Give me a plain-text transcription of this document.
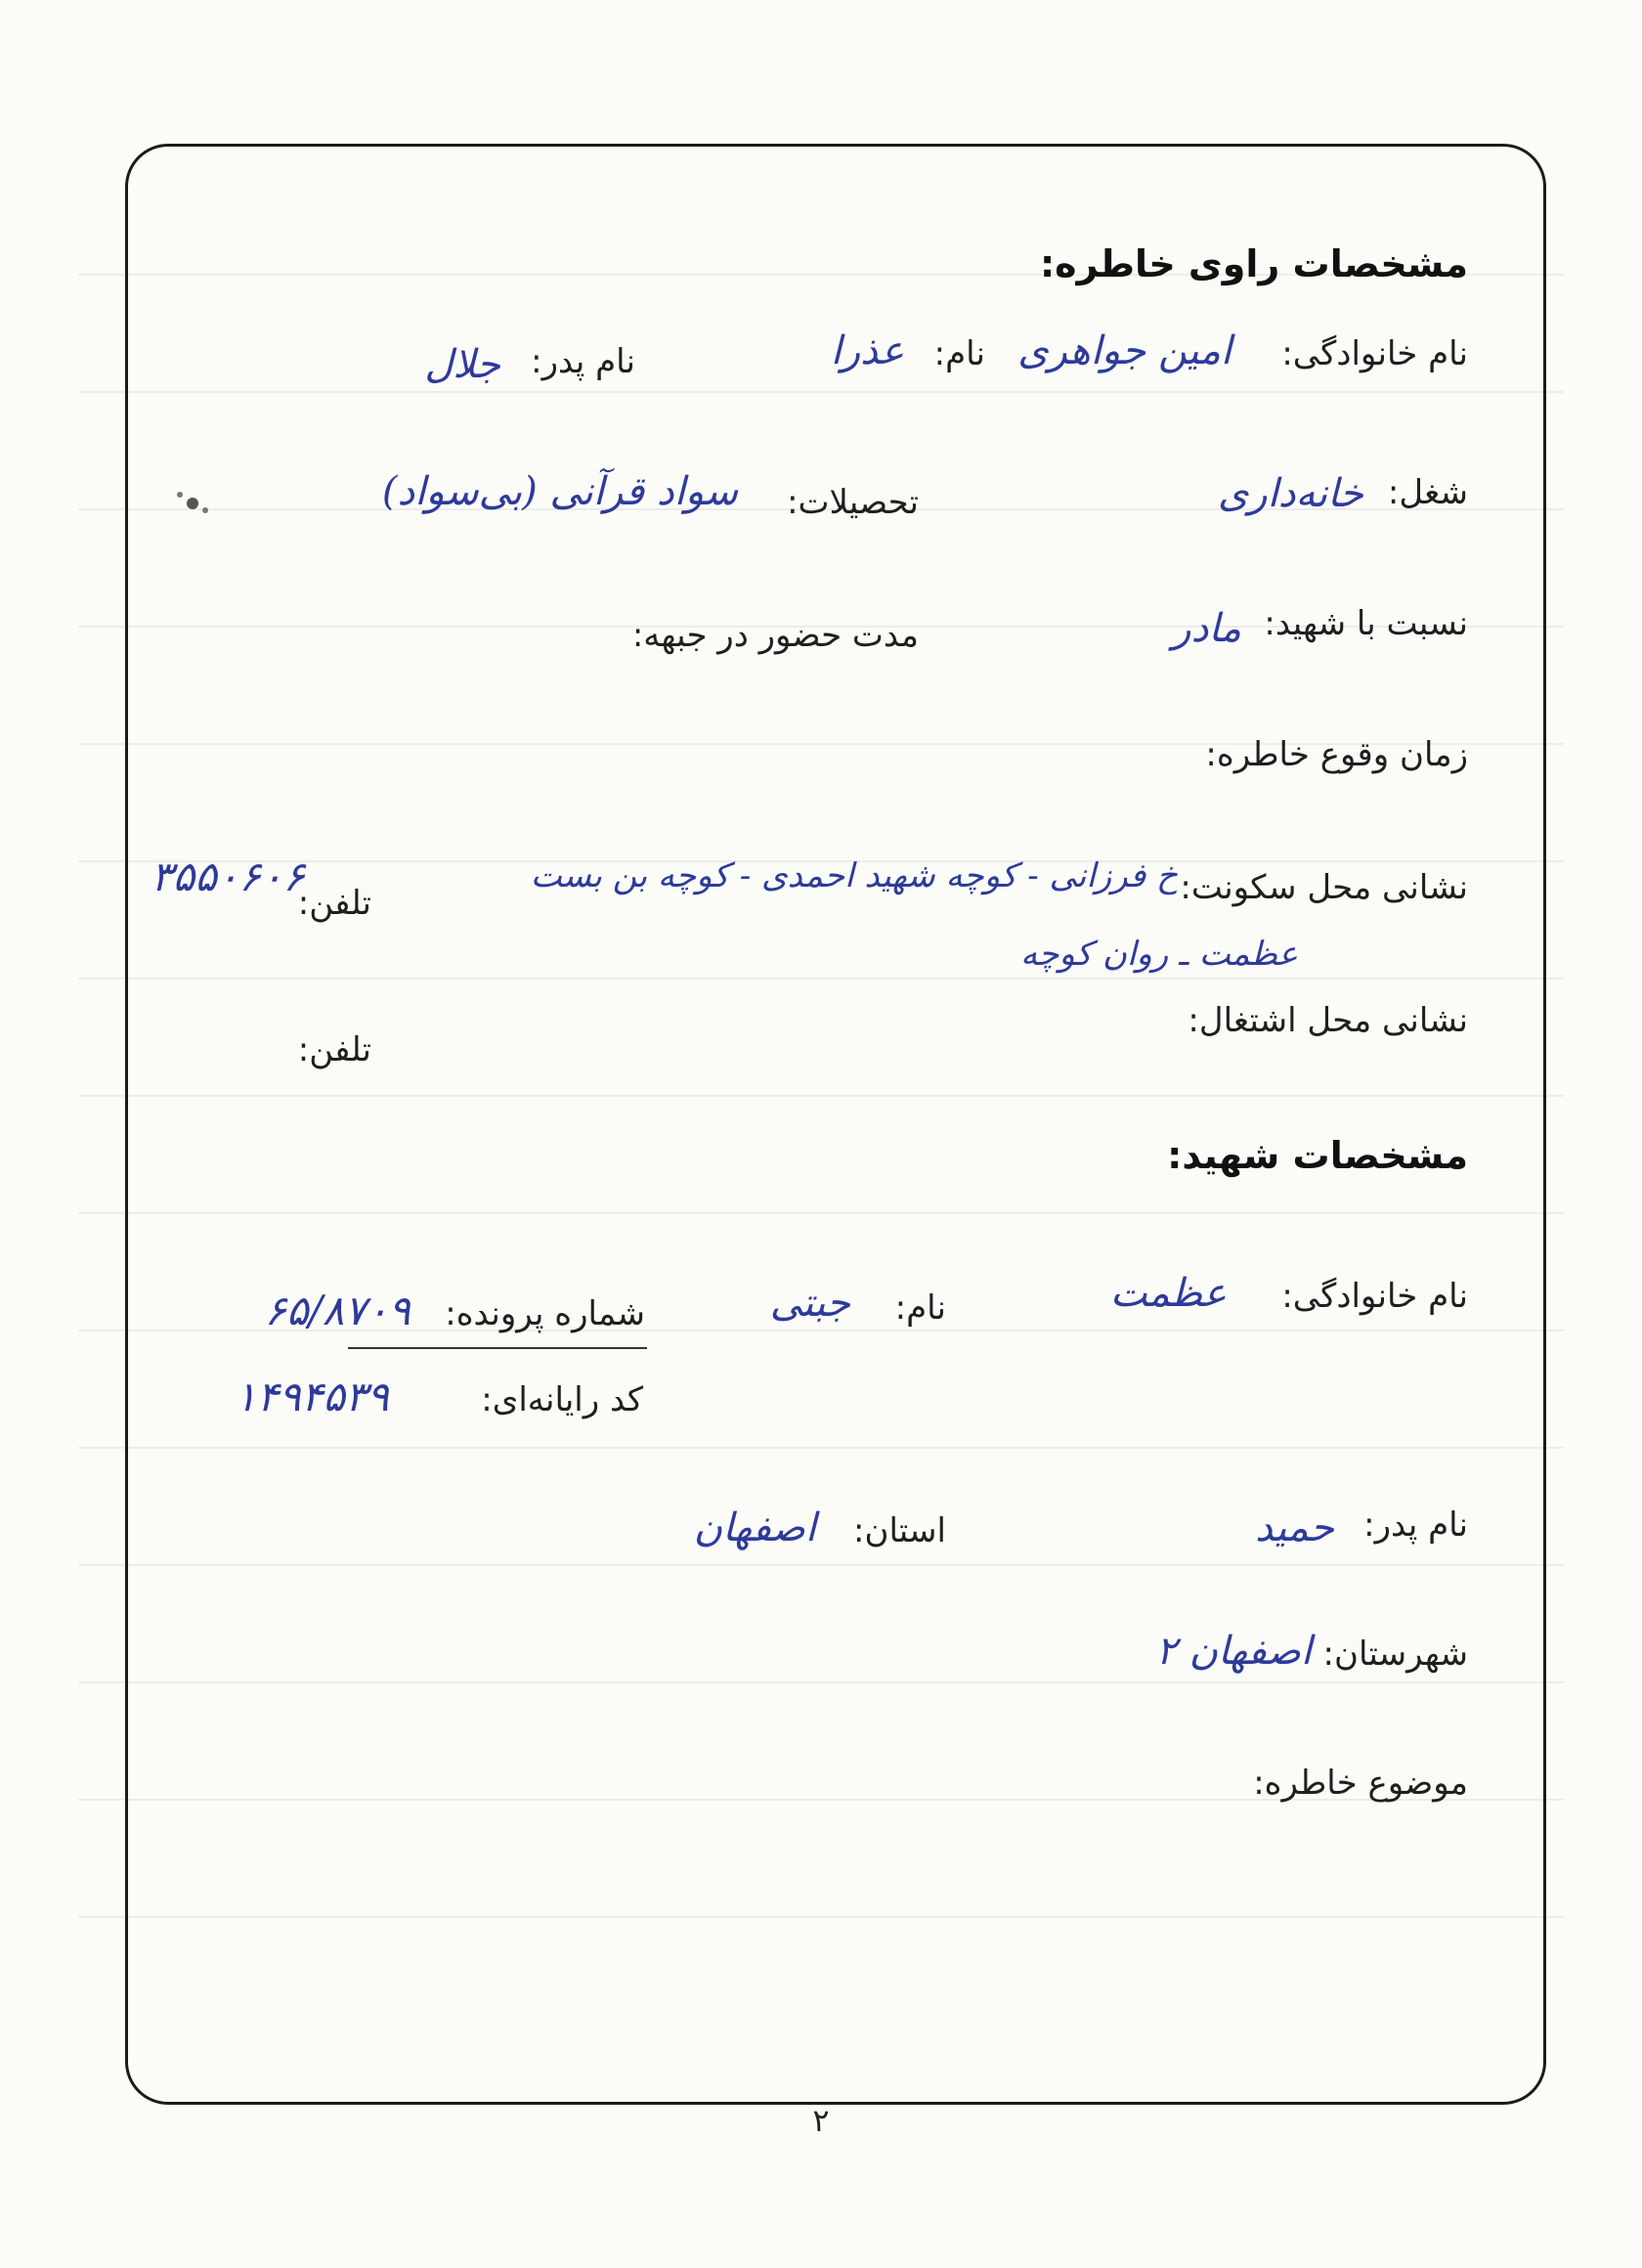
مشخصات راوی خاطره:
نام خانوادگی:
امین جواهری
نام:
عذرا
نام پدر:
جلال
شغل:
خانه‌داری
تحصیلات:
سواد قرآنی (بی‌سواد)
نسبت با شهید:
مادر
مدت حضور در جبهه:
زمان وقوع خاطره:
نشانی محل سکونت:
خ فرزانی - کوچه شهید احمدی - کوچه بن بست
عظمت ـ روان کوچه
تلفن:
۳۵۵۰۶۰۶
نشانی محل اشتغال:
تلفن:
مشخصات شهید:
نام خانوادگی:
عظمت
نام:
جبتی
شماره پرونده:
۶۵/۸۷۰۹
کد رایانه‌ای:
۱۴۹۴۵۳۹
نام پدر:
حمید
استان:
اصفهان
شهرستان:
اصفهان ۲
موضوع خاطره:
۲
